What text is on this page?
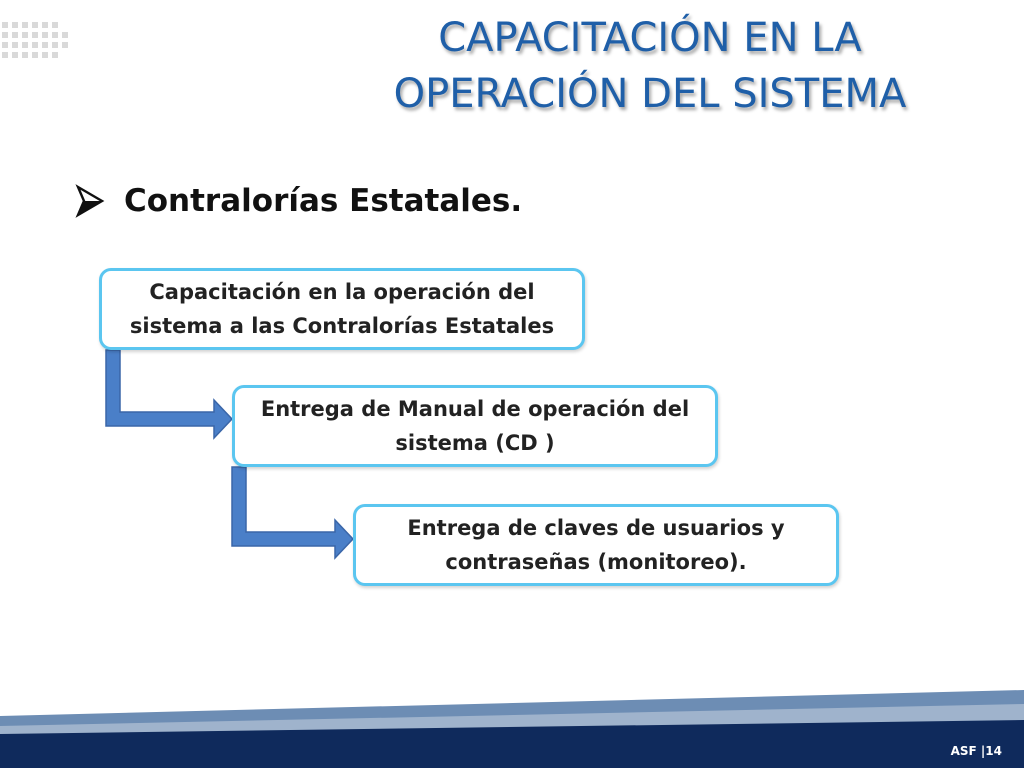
CAPACITACIÓN EN LA
OPERACIÓN DEL SISTEMA
Contralorías Estatales.
Capacitación en la operación del sistema a las Contralorías Estatales
Entrega de Manual de operación del sistema (CD )
Entrega de claves de usuarios y contraseñas (monitoreo).
ASF |14
